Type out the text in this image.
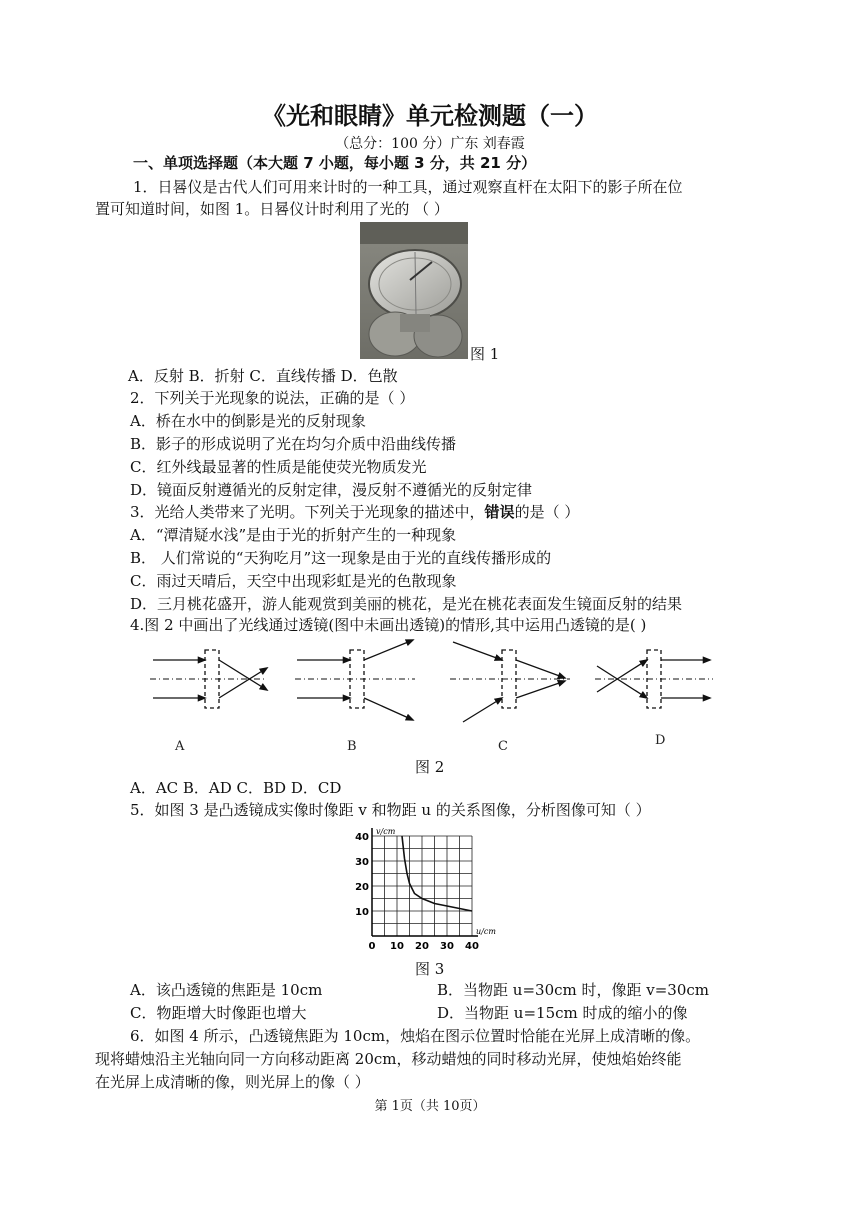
《光和眼睛》单元检测题（一）
（总分：100 分）广东 刘春霞
一、单项选择题（本大题 7 小题，每小题 3 分，共 21 分）
1．日晷仪是古代人们可用来计时的一种工具，通过观察直杆在太阳下的影子所在位
置可知道时间，如图 1。日晷仪计时利用了光的 （ ）
图 1
A．反射 B．折射 C．直线传播 D．色散
2．下列关于光现象的说法，正确的是（ ）
A．桥在水中的倒影是光的反射现象
B．影子的形成说明了光在均匀介质中沿曲线传播
C．红外线最显著的性质是能使荧光物质发光
D．镜面反射遵循光的反射定律，漫反射不遵循光的反射定律
3．光给人类带来了光明。下列关于光现象的描述中，错误的是（ ）
A．“潭清疑水浅”是由于光的折射产生的一种现象
B． 人们常说的“天狗吃月”这一现象是由于光的直线传播形成的
C．雨过天晴后，天空中出现彩虹是光的色散现象
D．三月桃花盛开，游人能观赏到美丽的桃花，是光在桃花表面发生镜面反射的结果
4.图 2 中画出了光线通过透镜(图中未画出透镜)的情形,其中运用凸透镜的是( )
A	B	C	D
图 2
A．AC B．AD C．BD D．CD
5．如图 3 是凸透镜成实像时像距 v 和物距 u 的关系图像，分析图像可知（ ）
0 10 20 30 40
10
20
30
40
u/cm
v/cm
图 3
A．该凸透镜的焦距是 10cm	B．当物距 u=30cm 时，像距 v=30cm
C．物距增大时像距也增大	D．当物距 u=15cm 时成的缩小的像
6．如图 4 所示，凸透镜焦距为 10cm，烛焰在图示位置时恰能在光屏上成清晰的像。
现将蜡烛沿主光轴向同一方向移动距离 20cm，移动蜡烛的同时移动光屏，使烛焰始终能
在光屏上成清晰的像，则光屏上的像（ ）
第 1页（共 10页）
